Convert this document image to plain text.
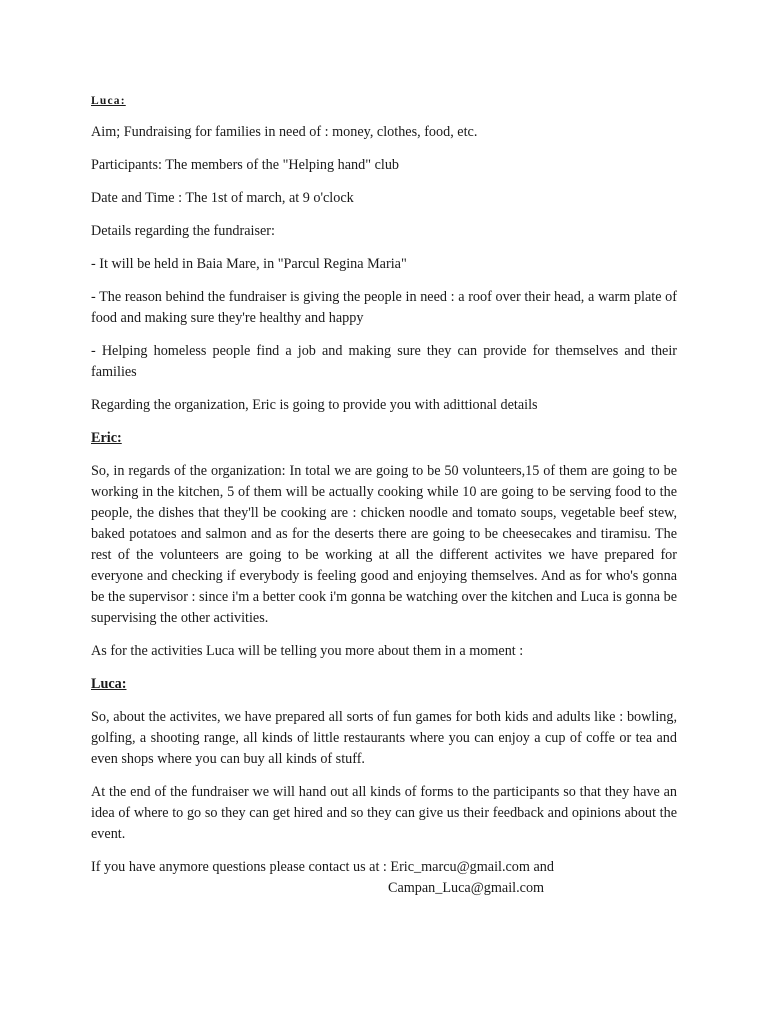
Luca:

Aim; Fundraising for families in need of : money, clothes, food, etc.

Participants: The members of the "Helping hand" club

Date and Time : The 1st of march, at 9 o'clock

Details regarding the fundraiser:

- It will be held in Baia Mare, in "Parcul Regina Maria"

- The reason behind the fundraiser is giving the people in need : a roof over their head, a warm plate of food and making sure they're healthy and happy

- Helping homeless people find a job and making sure they can provide for themselves and their families

Regarding the organization, Eric is going to provide you with adittional details

Eric:

So, in regards of the organization: In total we are going to be 50 volunteers,15 of them are going to be working in the kitchen, 5 of them will be actually cooking while 10 are going to be serving food to the people, the dishes that they'll be cooking are : chicken noodle and tomato soups, vegetable beef stew, baked potatoes and salmon and as for the deserts there are going to be cheesecakes and tiramisu. The rest of the volunteers are going to be working at all the different activites we have prepared for everyone and checking if everybody is feeling good and enjoying themselves. And as for who's gonna be the supervisor : since i'm a better cook i'm gonna be watching over the kitchen and Luca is gonna be supervising the other activities.

As for the activities Luca will be telling you more about them in a moment :

Luca:

So, about the activites, we have prepared all sorts of fun games for both kids and adults like : bowling, golfing, a shooting range, all kinds of little restaurants where you can enjoy a cup of coffe or tea and even shops where you can buy all kinds of stuff.

At the end of the fundraiser we will hand out all kinds of forms to the participants so that they have an idea of where to go so they can get hired and so they can give us their feedback and opinions about the event.

If you have anymore questions please contact us at : Eric_marcu@gmail.com and
Campan_Luca@gmail.com
